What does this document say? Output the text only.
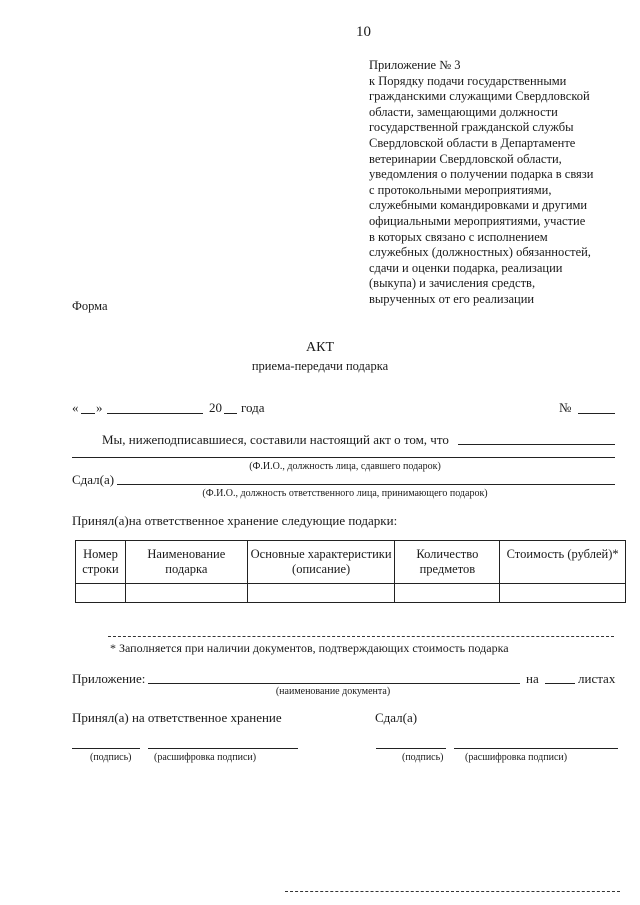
10
Приложение № 3
к Порядку подачи государственными
гражданскими служащими Свердловской
области, замещающими должности
государственной гражданской службы
Свердловской области в Департаменте
ветеринарии Свердловской области,
уведомления о получении подарка в связи
с протокольными мероприятиями,
служебными командировками и другими
официальными мероприятиями, участие
в которых связано с исполнением
служебных (должностных) обязанностей,
сдачи и оценки подарка, реализации
(выкупа) и зачисления средств,
вырученных от его реализации
Форма
АКТ
приема-передачи подарка
« »	20 года	№
Мы, нижеподписавшиеся, составили настоящий акт о том, что
(Ф.И.О., должность лица, сдавшего подарок)
Сдал(а)
(Ф.И.О., должность ответственного лица, принимающего подарок)
Принял(а)на ответственное хранение следующие подарки:
Номер строки	Наименование подарка	Основные характеристики (описание)	Количество предметов	Стоимость (рублей)*

* Заполняется при наличии документов, подтверждающих стоимость подарка
Приложение:	на	листах
(наименование документа)
Принял(а) на ответственное хранение	Сдал(а)
(подпись) (расшифровка подписи)	(подпись) (расшифровка подписи)
